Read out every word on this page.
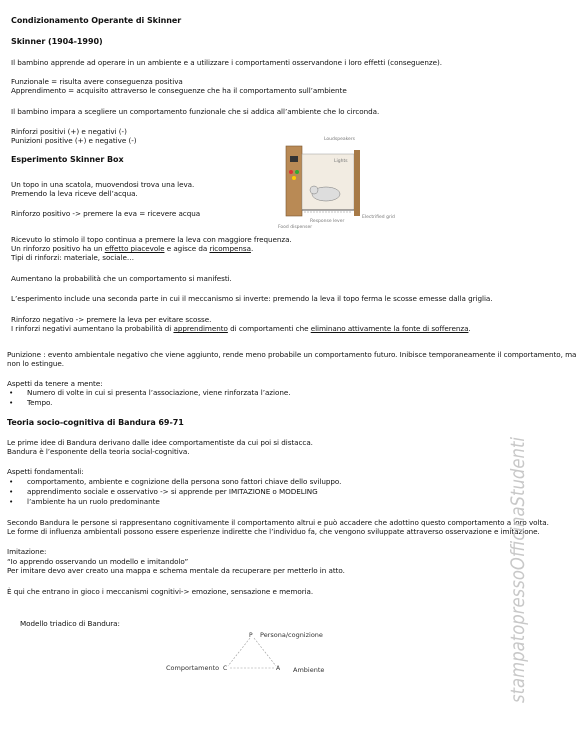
Condizionamento Operante di Skinner
Skinner (1904-1990)
Il bambino apprende ad operare in un ambiente e a utilizzare i comportamenti osservandone i loro effetti (conseguenze).
Funzionale = risulta avere conseguenza positiva
Apprendimento = acquisito attraverso le conseguenze che ha il comportamento sull’ambiente
Il bambino impara a scegliere un comportamento funzionale che si addica all’ambiente che lo circonda.
Rinforzi positivi (+) e negativi (-)
Punizioni positive (+) e negative (-)
Esperimento Skinner Box
Un topo in una scatola, muovendosi trova una leva.
Premendo la leva riceve dell’acqua.
Rinforzo positivo -> premere la eva = ricevere acqua
Loudspeakers
Lights
Response lever
Electrified grid
Food dispenser
Ricevuto lo stimolo il topo continua a premere la leva con maggiore frequenza.
Un rinforzo positivo ha un effetto piacevole e agisce da ricompensa.
Tipi di rinforzi: materiale, sociale…
Aumentano la probabilità che un comportamento si manifesti.
L’esperimento include una seconda parte in cui il meccanismo si inverte: premendo la leva il topo ferma le scosse emesse dalla griglia.
Rinforzo negativo -> premere la leva per evitare scosse.
I rinforzi negativi aumentano la probabilità di apprendimento di comportamenti che eliminano attivamente la fonte di sofferenza.
Punizione : evento ambientale negativo che viene aggiunto, rende meno probabile un comportamento futuro. Inibisce temporaneamente il comportamento, ma
non lo estingue.
Aspetti da tenere a mente:
• Numero di volte in cui si presenta l’associazione, viene rinforzata l’azione.
• Tempo.
Teoria socio-cognitiva di Bandura 69-71
Le prime idee di Bandura derivano dalle idee comportamentiste da cui poi si distacca.
Bandura è l’esponente della teoria social-cognitiva.
Aspetti fondamentali:
• comportamento, ambiente e cognizione della persona sono fattori chiave dello sviluppo.
• apprendimento sociale e osservativo -> si apprende per IMITAZIONE o MODELING
• l’ambiente ha un ruolo predominante
Secondo Bandura le persone si rappresentano cognitivamente il comportamento altrui e può accadere che adottino questo comportamento a loro volta.
Le forme di influenza ambientali possono essere esperienze indirette che l’individuo fa, che vengono sviluppate attraverso osservazione e imitazione.
Imitazione:
“Io apprendo osservando un modello e imitandolo”
Per imitare devo aver creato una mappa e schema mentale da recuperare per metterlo in atto.
È qui che entrano in gioco i meccanismi cognitivi-> emozione, sensazione e memoria.
Modello triadico di Bandura:
P Persona/cognizione
C	A
Comportamento	Ambiente	stampatopressoOfficinaStudenti
